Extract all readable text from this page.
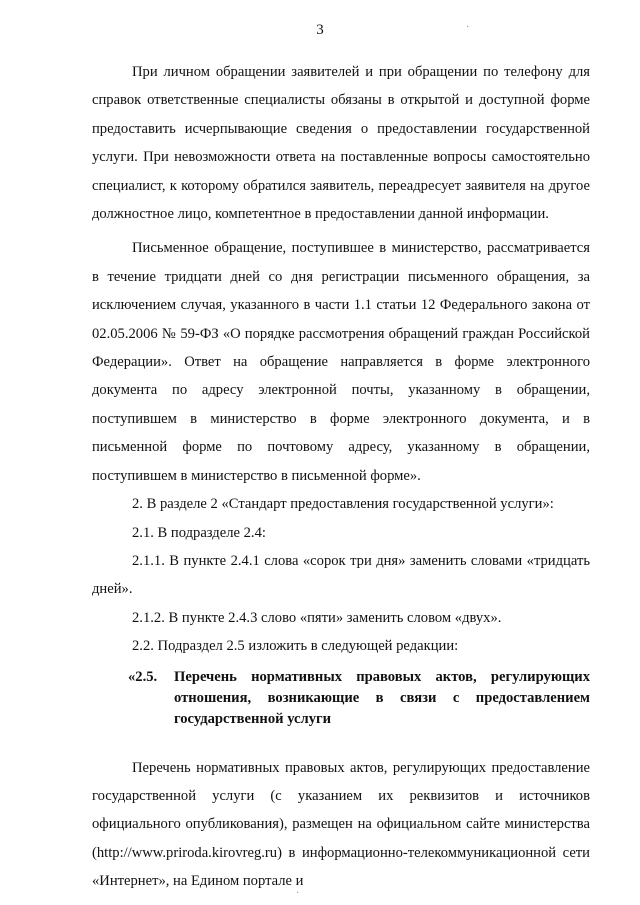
3

При личном обращении заявителей и при обращении по телефону для справок ответственные специалисты обязаны в открытой и доступной форме предоставить исчерпывающие сведения о предоставлении государственной услуги. При невозможности ответа на поставленные вопросы самостоятельно специалист, к которому обратился заявитель, переадресует заявителя на другое должностное лицо, компетентное в предоставлении данной информации.

Письменное обращение, поступившее в министерство, рассматривается в течение тридцати дней со дня регистрации письменного обращения, за исключением случая, указанного в части 1.1 статьи 12 Федерального закона от 02.05.2006 № 59-ФЗ «О порядке рассмотрения обращений граждан Российской Федерации». Ответ на обращение направляется в форме электронного документа по адресу электронной почты, указанному в обращении, поступившем в министерство в форме электронного документа, и в письменной форме по почтовому адресу, указанному в обращении, поступившем в министерство в письменной форме».

2. В разделе 2 «Стандарт предоставления государственной услуги»:

2.1. В подразделе 2.4:

2.1.1. В пункте 2.4.1 слова «сорок три дня» заменить словами «тридцать дней».

2.1.2. В пункте 2.4.3 слово «пяти» заменить словом «двух».

2.2. Подраздел 2.5 изложить в следующей редакции:

«2.5.	Перечень нормативных правовых актов, регулирующих отношения, возникающие в связи с предоставлением государственной услуги

Перечень нормативных правовых актов, регулирующих предоставление государственной услуги (с указанием их реквизитов и источников официального опубликования), размещен на официальном сайте министерства (http://www.priroda.kirovreg.ru) в информационно-телекоммуникационной сети «Интернет», на Едином портале и

·
·
